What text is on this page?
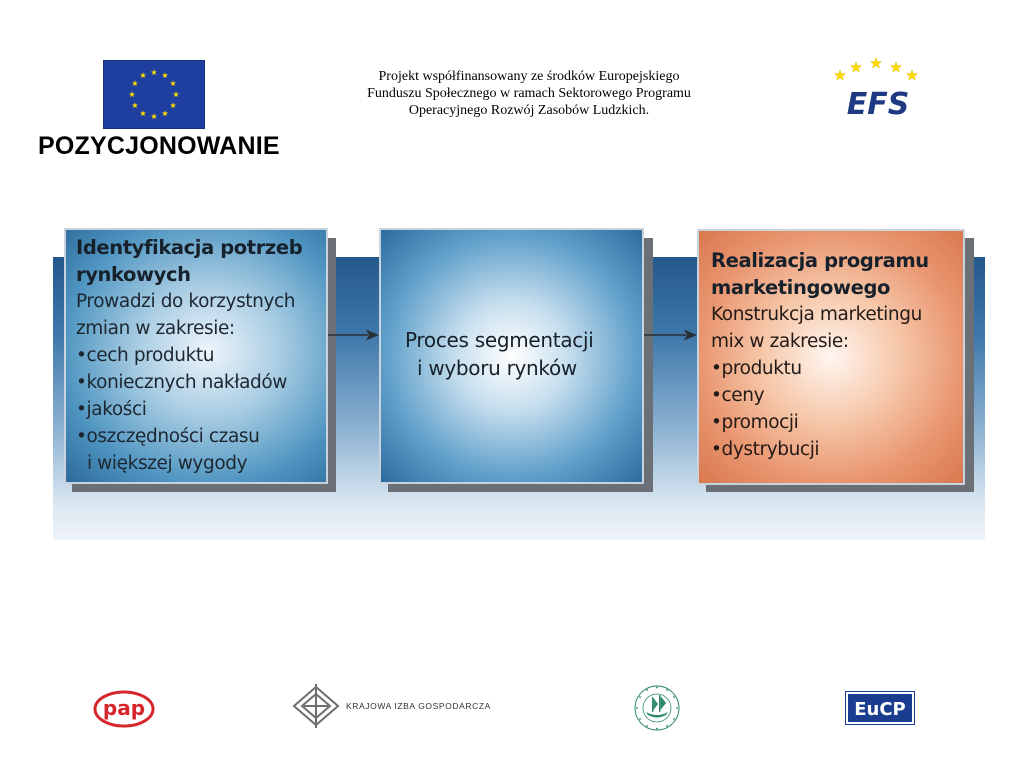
POZYCJONOWANIE
Projekt współfinansowany ze środków Europejskiego
Funduszu Społecznego w ramach Sektorowego Programu
Operacyjnego Rozwój Zasobów Ludzkich.	EFS
Identyfikacja potrzeb
rynkowych
Prowadzi do korzystnych
zmian w zakresie:
•cech produktu
•koniecznych nakładów
•jakości
•oszczędności czasu
i większej wygody
Proces segmentacji
i wyboru rynków
Realizacja programu
marketingowego
Konstrukcja marketingu
mix w zakresie:
•produktu
•ceny
•promocji
•dystrybucji
pap	KRAJOWA IZBA GOSPODARCZA	EuCP
